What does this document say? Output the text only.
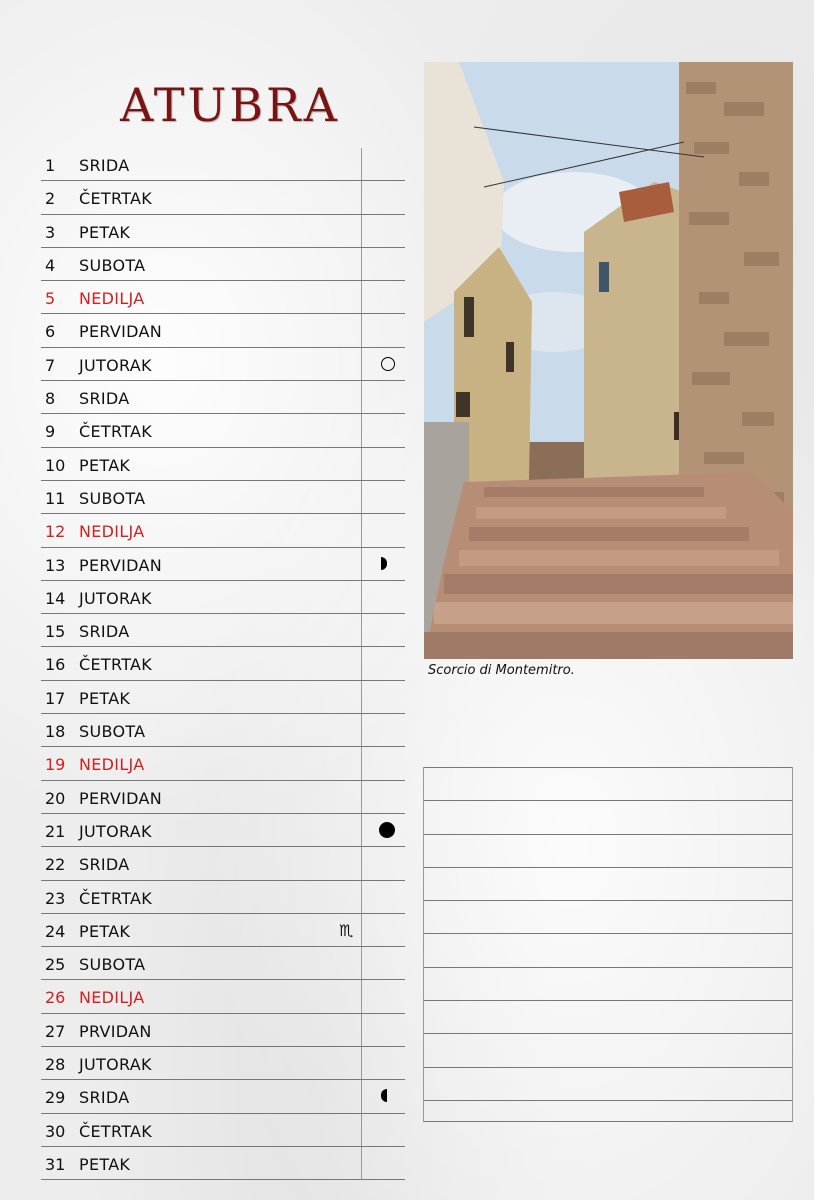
ATUBRA
1 SRIDA
2 ČETRTAK
3 PETAK
4 SUBOTA
5 NEDILJA
6 PERVIDAN
7 JUTORAK
8 SRIDA
9 ČETRTAK
10 PETAK
11 SUBOTA
12 NEDILJA
13 PERVIDAN
14 JUTORAK
15 SRIDA
16 ČETRTAK
17 PETAK
18 SUBOTA
19 NEDILJA
20 PERVIDAN
21 JUTORAK
22 SRIDA
23 ČETRTAK
24 PETAK	♏
25 SUBOTA
26 NEDILJA
27 PRVIDAN
28 JUTORAK
29 SRIDA
30 ČETRTAK
31 PETAK
Scorcio di Montemitro.
